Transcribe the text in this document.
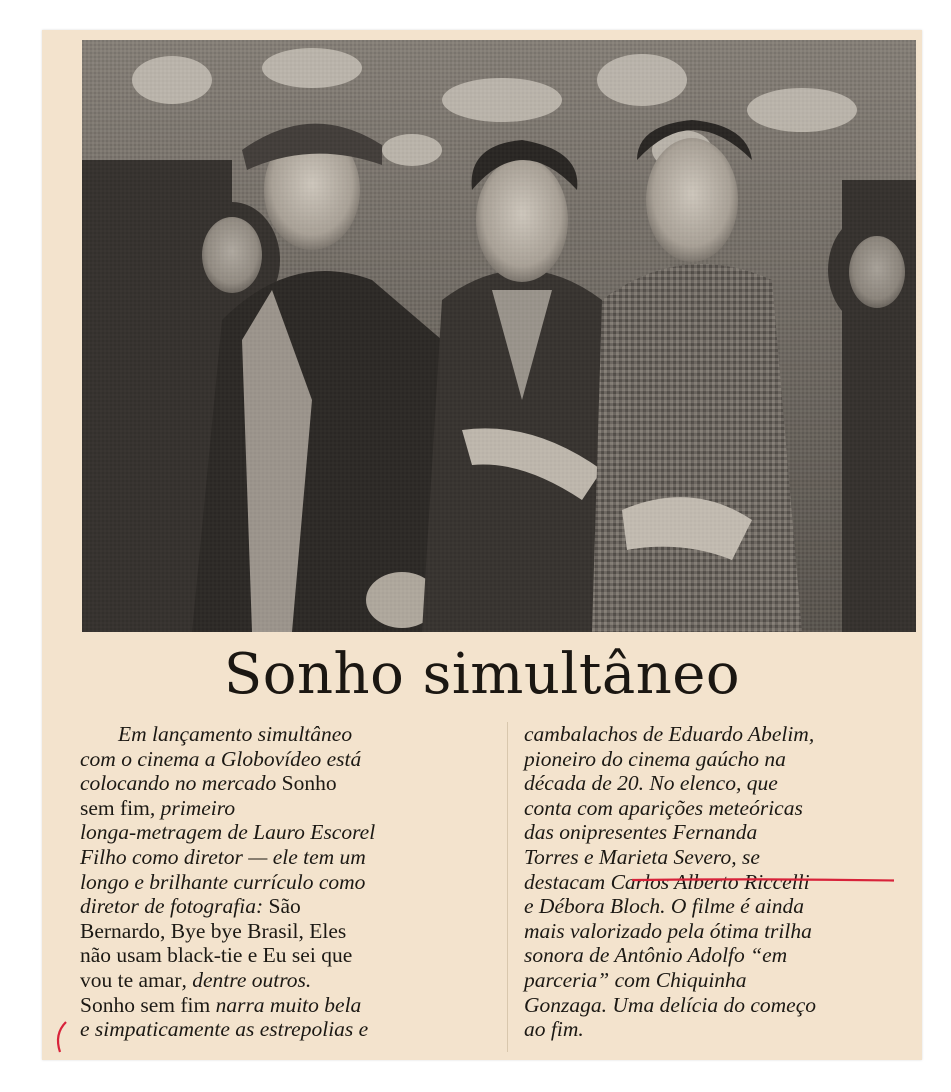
Sonho simultâneo
Em lançamento simultâneo
com o cinema a Globovídeo está
colocando no mercado Sonho
sem fim, primeiro
longa-metragem de Lauro Escorel
Filho como diretor — ele tem um
longo e brilhante currículo como
diretor de fotografia: São
Bernardo, Bye bye Brasil, Eles
não usam black-tie e Eu sei que
vou te amar, dentre outros.
Sonho sem fim narra muito bela
e simpaticamente as estrepolias e
cambalachos de Eduardo Abelim,
pioneiro do cinema gaúcho na
década de 20. No elenco, que
conta com aparições meteóricas
das onipresentes Fernanda
Torres e Marieta Severo, se
destacam Carlos Alberto Riccelli
e Débora Bloch. O filme é ainda
mais valorizado pela ótima trilha
sonora de Antônio Adolfo “em
parceria” com Chiquinha
Gonzaga. Uma delícia do começo
ao fim.
